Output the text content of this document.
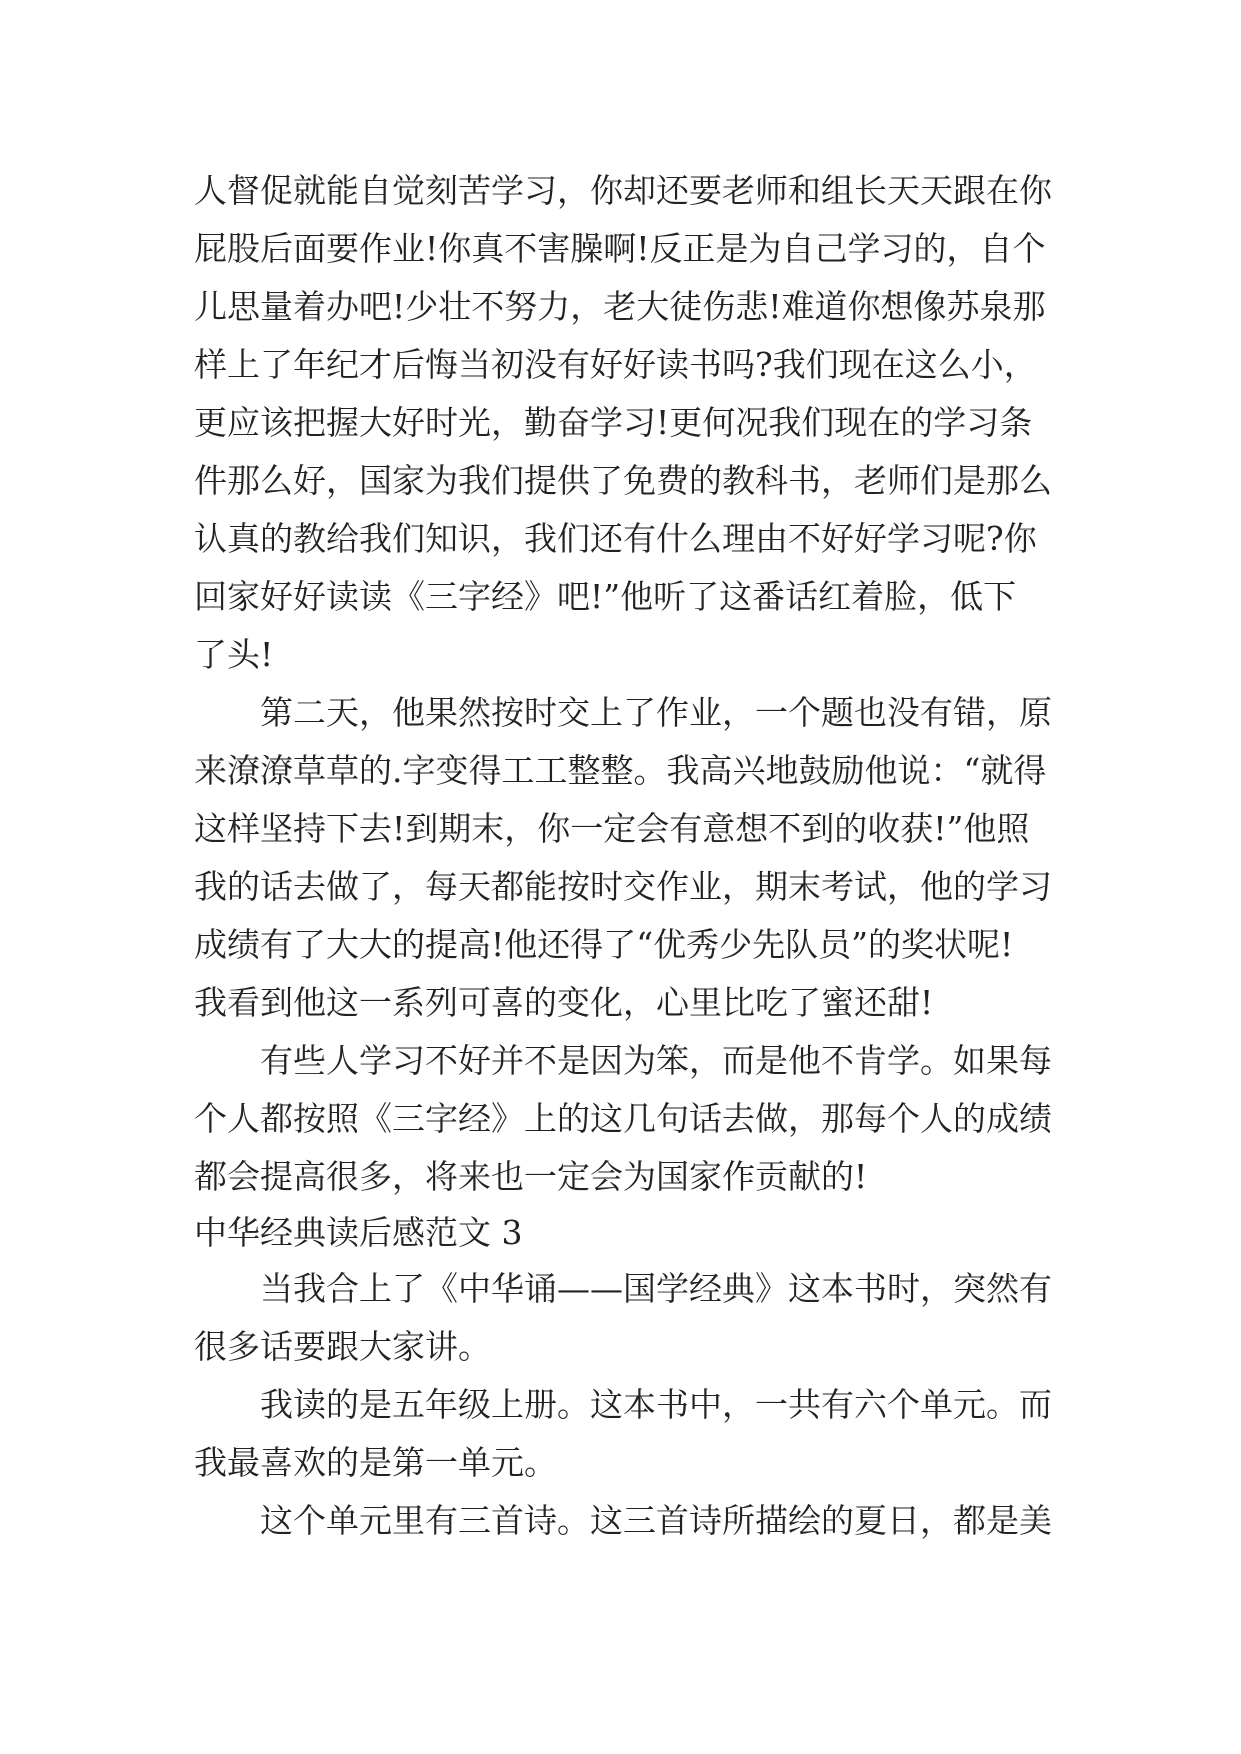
人督促就能自觉刻苦学习，你却还要老师和组长天天跟在你
屁股后面要作业!你真不害臊啊!反正是为自己学习的，自个
儿思量着办吧!少壮不努力，老大徒伤悲!难道你想像苏泉那
样上了年纪才后悔当初没有好好读书吗?我们现在这么小，
更应该把握大好时光，勤奋学习!更何况我们现在的学习条
件那么好，国家为我们提供了免费的教科书，老师们是那么
认真的教给我们知识，我们还有什么理由不好好学习呢?你
回家好好读读《三字经》吧!”他听了这番话红着脸，低下
了头!
第二天，他果然按时交上了作业，一个题也没有错，原
来潦潦草草的.字变得工工整整。我高兴地鼓励他说：“就得
这样坚持下去!到期末，你一定会有意想不到的收获!”他照
我的话去做了，每天都能按时交作业，期末考试，他的学习
成绩有了大大的提高!他还得了“优秀少先队员”的奖状呢!
我看到他这一系列可喜的变化，心里比吃了蜜还甜!
有些人学习不好并不是因为笨，而是他不肯学。如果每
个人都按照《三字经》上的这几句话去做，那每个人的成绩
都会提高很多，将来也一定会为国家作贡献的!
中华经典读后感范文 3
当我合上了《中华诵——国学经典》这本书时，突然有
很多话要跟大家讲。
我读的是五年级上册。这本书中，一共有六个单元。而
我最喜欢的是第一单元。
这个单元里有三首诗。这三首诗所描绘的夏日，都是美
